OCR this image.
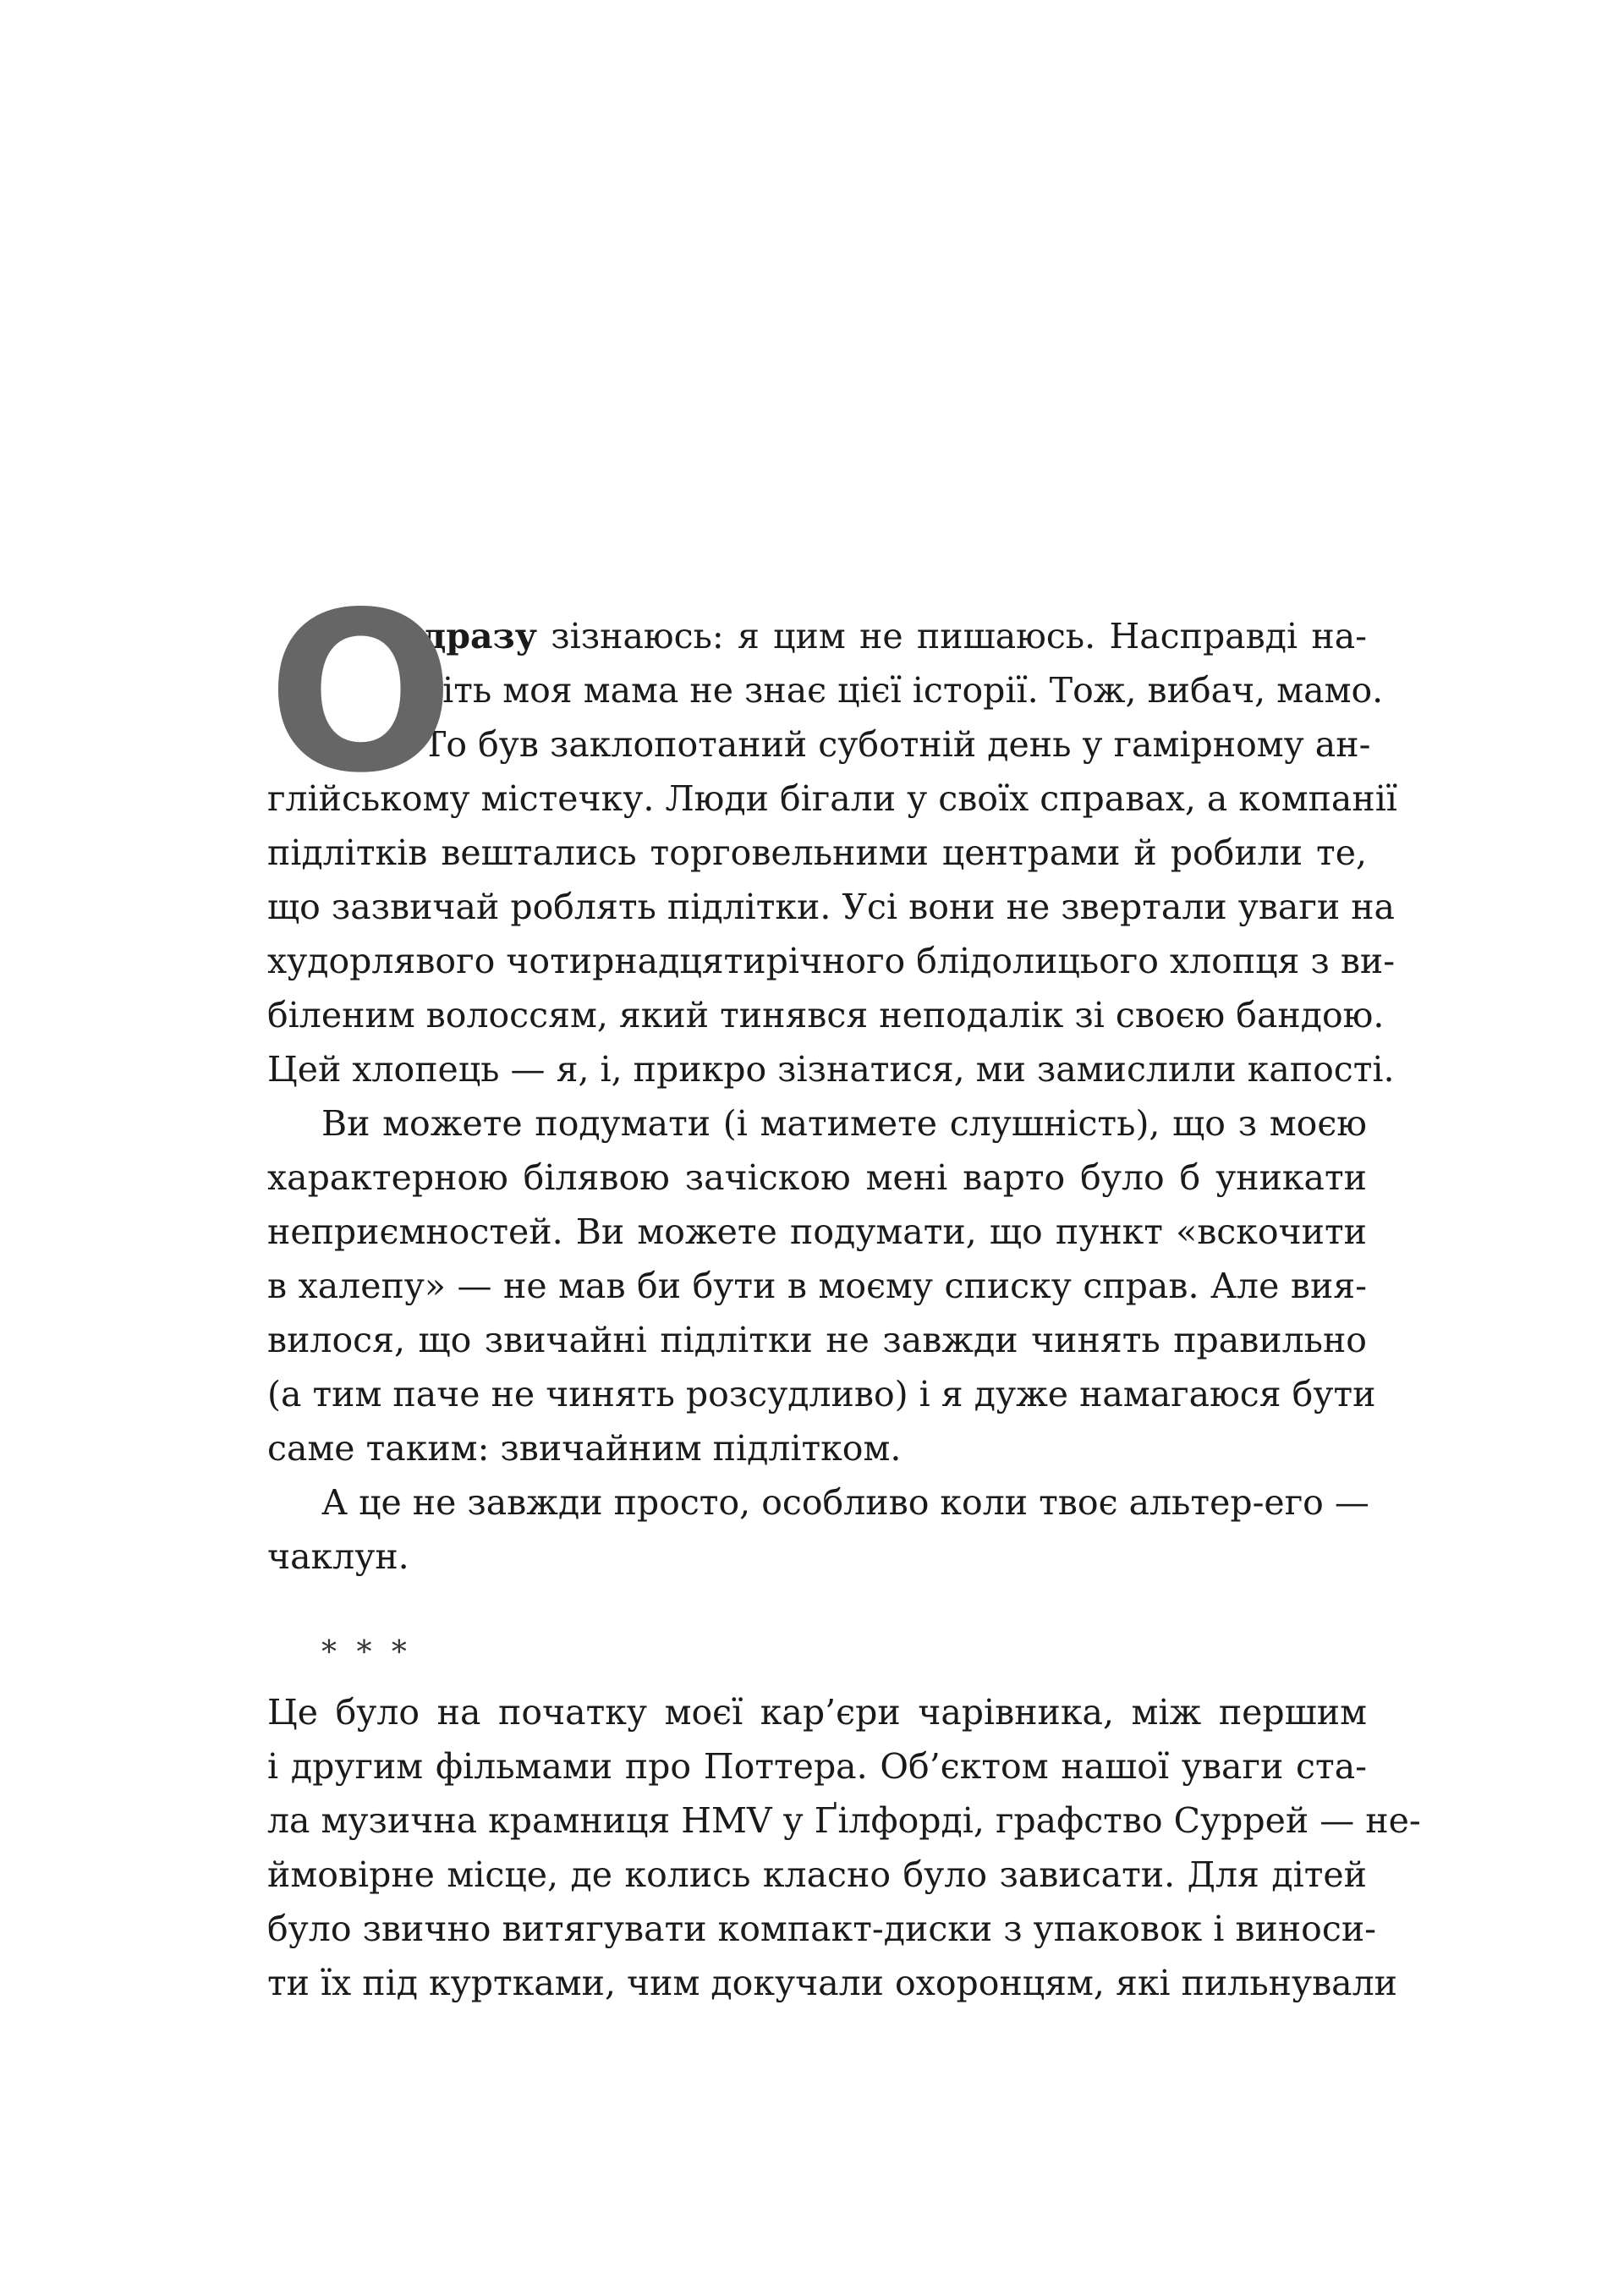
О
дразу зізнаюсь: я цим не пишаюсь. Насправді на-
віть моя мама не знає цієї історії. Тож, вибач, мамо.
То був заклопотаний суботній день у гамірному ан-
глійському містечку. Люди бігали у своїх справах, а компанії
підлітків вештались торговельними центрами й робили те,
що зазвичай роблять підлітки. Усі вони не звертали уваги на
худорлявого чотирнадцятирічного блідолицього хлопця з ви-
біленим волоссям, який тинявся неподалік зі своєю бандою.
Цей хлопець — я, і, прикро зізнатися, ми замислили капості.
Ви можете подумати (і матимете слушність), що з моєю
характерною білявою зачіскою мені варто було б уникати
неприємностей. Ви можете подумати, що пункт «вскочити
в халепу» — не мав би бути в моєму списку справ. Але вия-
вилося, що звичайні підлітки не завжди чинять правильно
(а тим паче не чинять розсудливо) і я дуже намагаюся бути
саме таким: звичайним підлітком.
А це не завжди просто, особливо коли твоє альтер-его —
чаклун.
* * *
Це було на початку моєї кар’єри чарівника, між першим
і другим фільмами про Поттера. Об’єктом нашої уваги ста-
ла музична крамниця HMV у Ґілфорді, графство Суррей — не-
ймовірне місце, де колись класно було зависати. Для дітей
було звично витягувати компакт-диски з упаковок і виноси-
ти їх під куртками, чим докучали охоронцям, які пильнували
